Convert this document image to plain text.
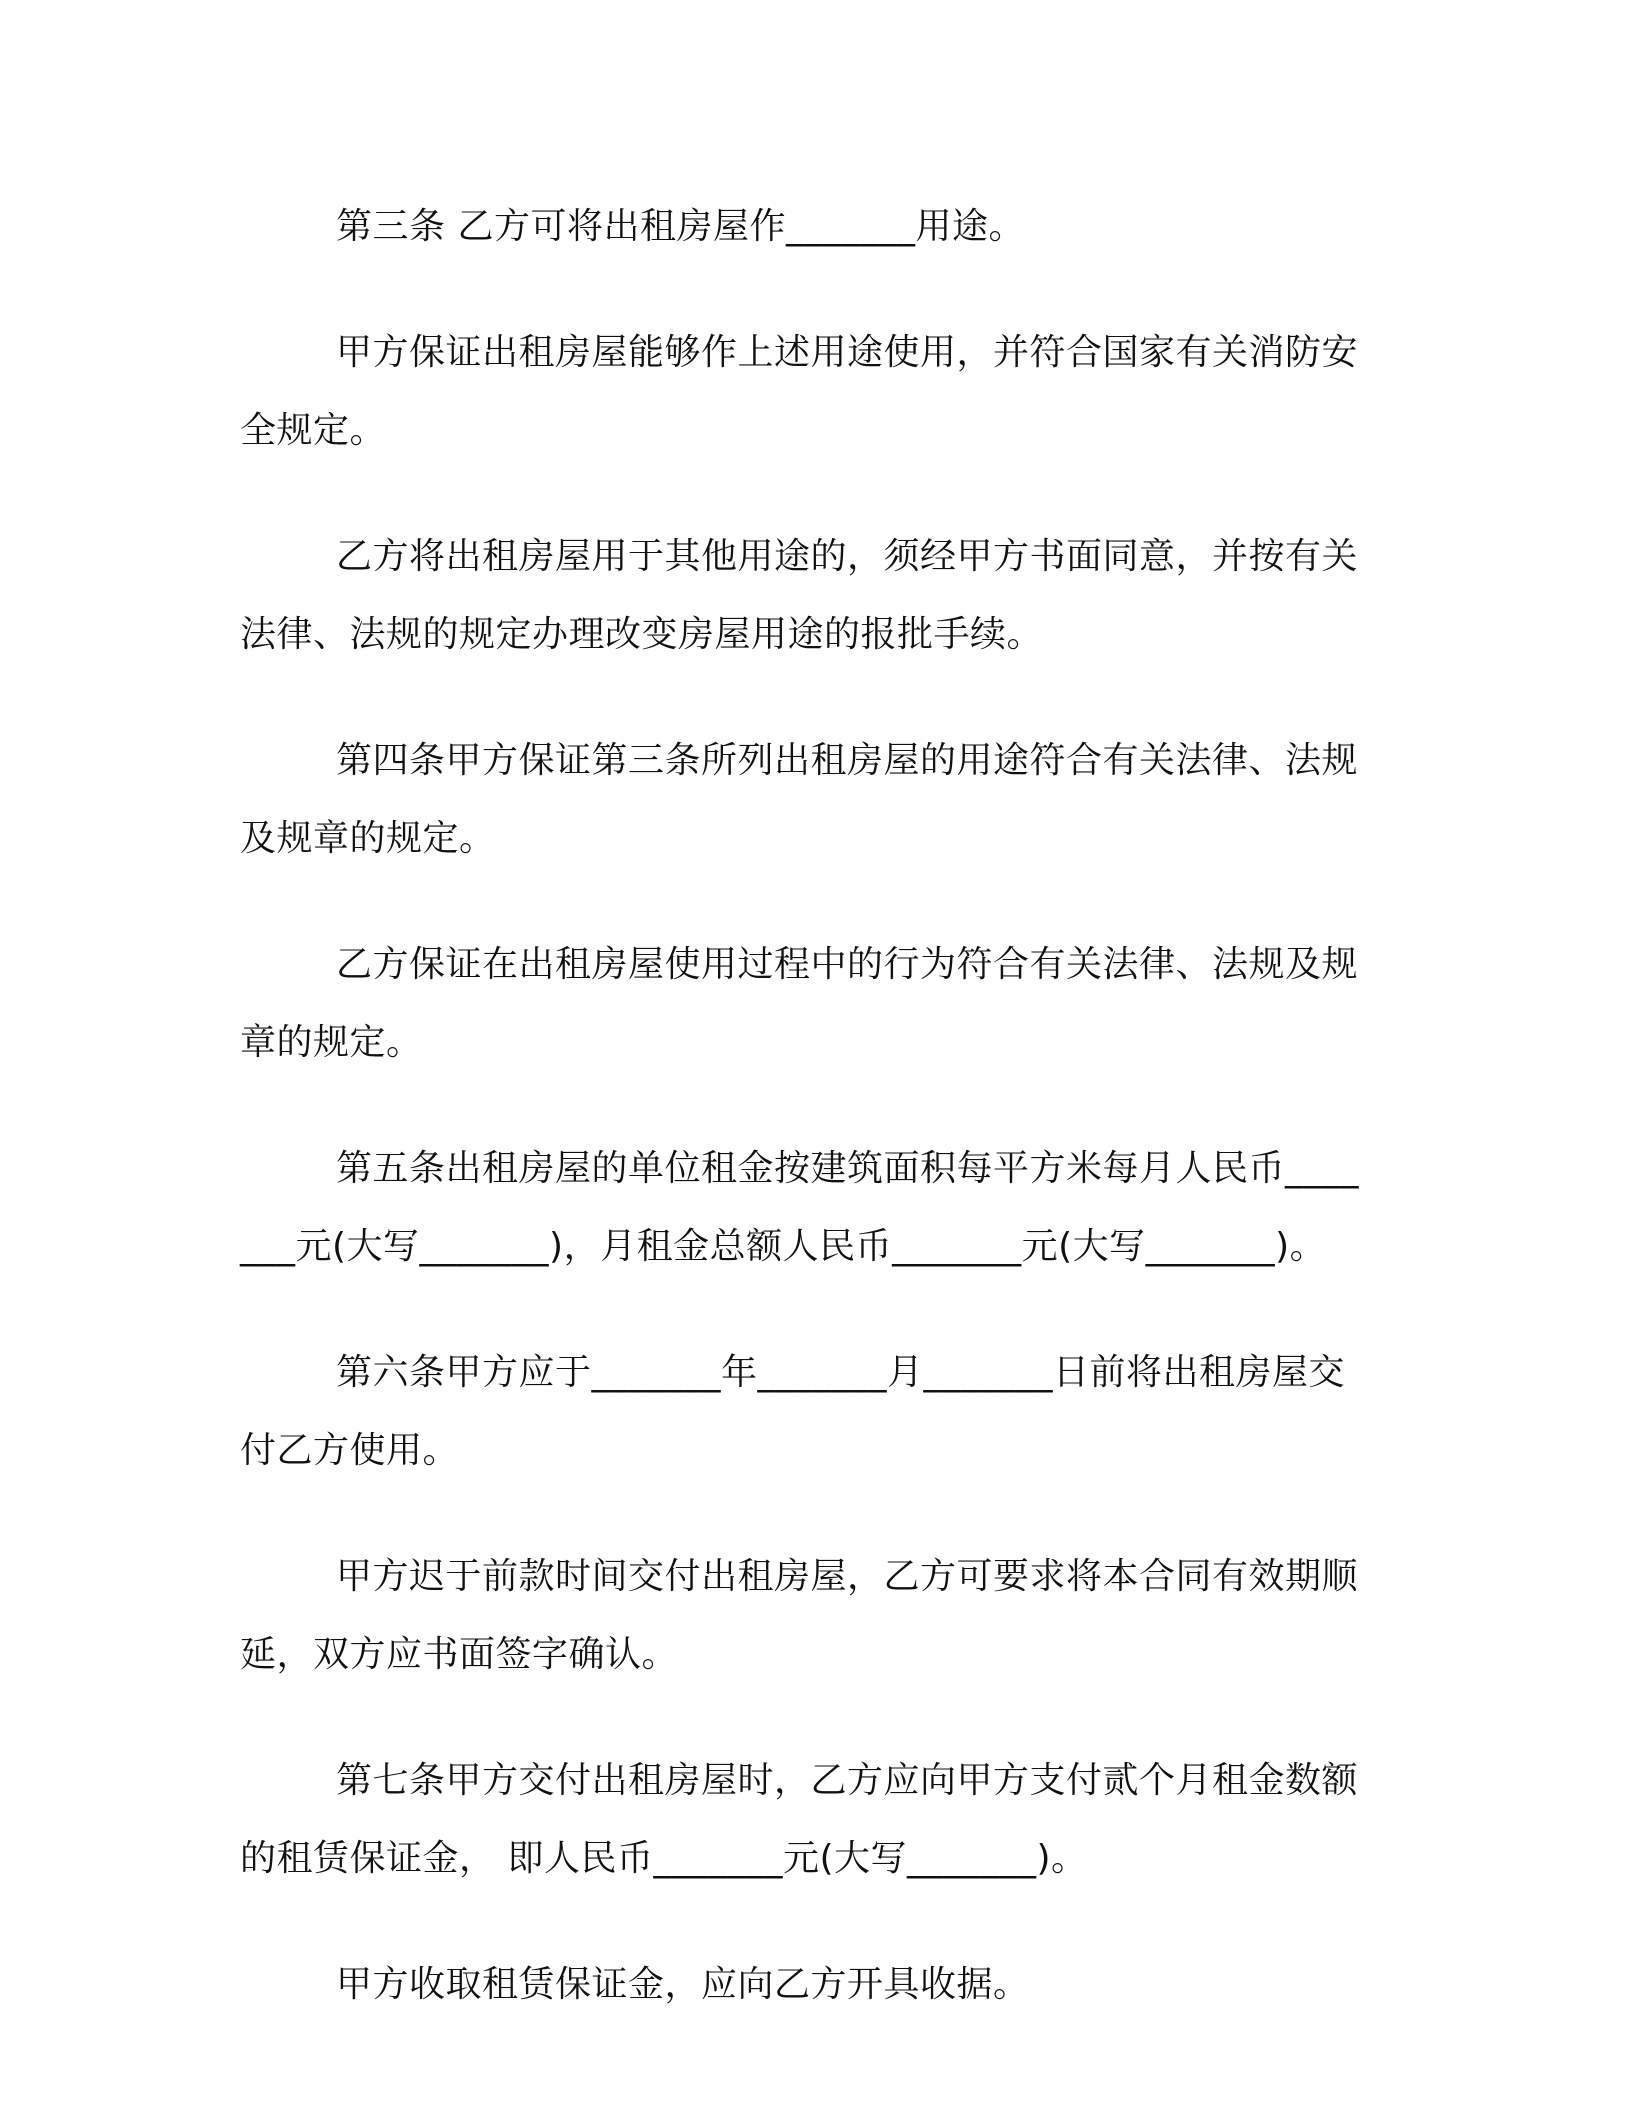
第三条 乙方可将出租房屋作_______用途。

甲方保证出租房屋能够作上述用途使用，并符合国家有关消防安全规定。

乙方将出租房屋用于其他用途的，须经甲方书面同意，并按有关法律、法规的规定办理改变房屋用途的报批手续。

第四条甲方保证第三条所列出租房屋的用途符合有关法律、法规及规章的规定。

乙方保证在出租房屋使用过程中的行为符合有关法律、法规及规章的规定。

第五条出租房屋的单位租金按建筑面积每平方米每月人民币_______元(大写_______)，月租金总额人民币_______元(大写_______)。

第六条甲方应于_______年_______月_______日前将出租房屋交付乙方使用。

甲方迟于前款时间交付出租房屋，乙方可要求将本合同有效期顺延，双方应书面签字确认。

第七条甲方交付出租房屋时，乙方应向甲方支付贰个月租金数额的租赁保证金， 即人民币_______元(大写_______)。

甲方收取租赁保证金，应向乙方开具收据。
